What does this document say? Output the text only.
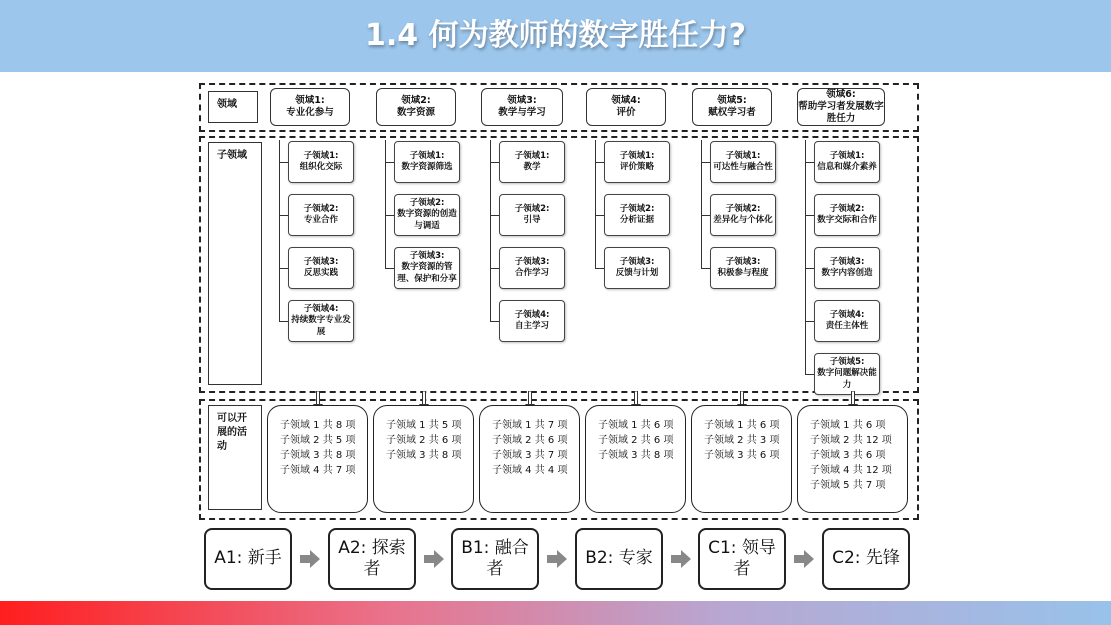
1.4 何为教师的数字胜任力?
领域
子领域
可以开展的活动
领域1:
专业化参与
子领域1:
组织化交际
子领域2:
专业合作
子领域3:
反思实践
子领域4:
持续数字专业发展
子领域 1 共 8 项
子领域 2 共 5 项
子领域 3 共 8 项
子领域 4 共 7 项
领域2:
数字资源
子领域1:
数字资源筛选
子领域2:
数字资源的创造与调适
子领域3:
数字资源的管理、保护和分享
子领域 1 共 5 项
子领域 2 共 6 项
子领域 3 共 8 项
领域3:
教学与学习
子领域1:
教学
子领域2:
引导
子领域3:
合作学习
子领域4:
自主学习
子领域 1 共 7 项
子领域 2 共 6 项
子领域 3 共 7 项
子领域 4 共 4 项
领域4:
评价
子领域1:
评价策略
子领域2:
分析证据
子领域3:
反馈与计划
子领域 1 共 6 项
子领域 2 共 6 项
子领域 3 共 8 项
领域5:
赋权学习者
子领域1:
可达性与融合性
子领域2:
差异化与个体化
子领域3:
积极参与程度
子领域 1 共 6 项
子领域 2 共 3 项
子领域 3 共 6 项
领域6:
帮助学习者发展数字胜任力
子领域1:
信息和媒介素养
子领域2:
数字交际和合作
子领域3:
数字内容创造
子领域4:
责任主体性
子领域5:
数字问题解决能力
子领域 1 共 6 项
子领域 2 共 12 项
子领域 3 共 6 项
子领域 4 共 12 项
子领域 5 共 7 项
A1: 新手
A2: 探索者
B1: 融合者
B2: 专家
C1: 领导者
C2: 先锋
